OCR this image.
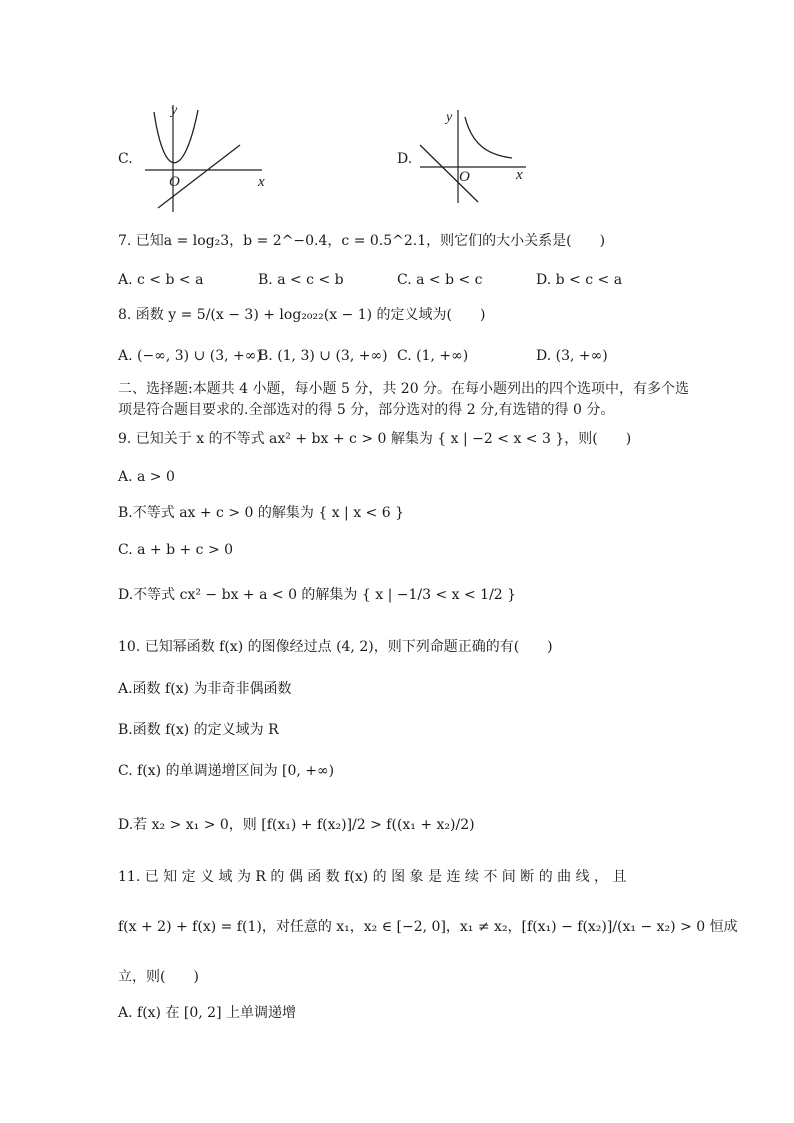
C.
y
x
O
D.
y
x
O
7. 已知a = log₂3，b = 2^−0.4，c = 0.5^2.1，则它们的大小关系是(　　)
A. c < b < a	B. a < c < b	C. a < b < c	D. b < c < a
8. 函数 y = 5/(x − 3) + log₂₀₂₂(x − 1) 的定义域为(　　)
A. (−∞, 3) ∪ (3, +∞)
B. (1, 3) ∪ (3, +∞) C. (1, +∞)	D. (3, +∞)
二、选择题:本题共 4 小题，每小题 5 分，共 20 分。在每小题列出的四个选项中，有多个选
项是符合题目要求的.全部选对的得 5 分，部分选对的得 2 分,有选错的得 0 分。
9. 已知关于 x 的不等式 ax² + bx + c > 0 解集为 { x | −2 < x < 3 }，则(　　)
A. a > 0
B.不等式 ax + c > 0 的解集为 { x | x < 6 }
C. a + b + c > 0
D.不等式 cx² − bx + a < 0 的解集为 { x | −1/3 < x < 1/2 }
10. 已知幂函数 f(x) 的图像经过点 (4, 2)，则下列命题正确的有(　　)
A.函数 f(x) 为非奇非偶函数
B.函数 f(x) 的定义域为 R
C. f(x) 的单调递增区间为 [0, +∞)
D.若 x₂ > x₁ > 0，则 [f(x₁) + f(x₂)]/2 > f((x₁ + x₂)/2)
11. 已 知 定 义 域 为 R 的 偶 函 数 f(x) 的 图 象 是 连 续 不 间 断 的 曲 线 ， 且
f(x + 2) + f(x) = f(1)，对任意的 x₁，x₂ ∈ [−2, 0]，x₁ ≠ x₂，[f(x₁) − f(x₂)]/(x₁ − x₂) > 0 恒成
立，则(　　)
A. f(x) 在 [0, 2] 上单调递增
